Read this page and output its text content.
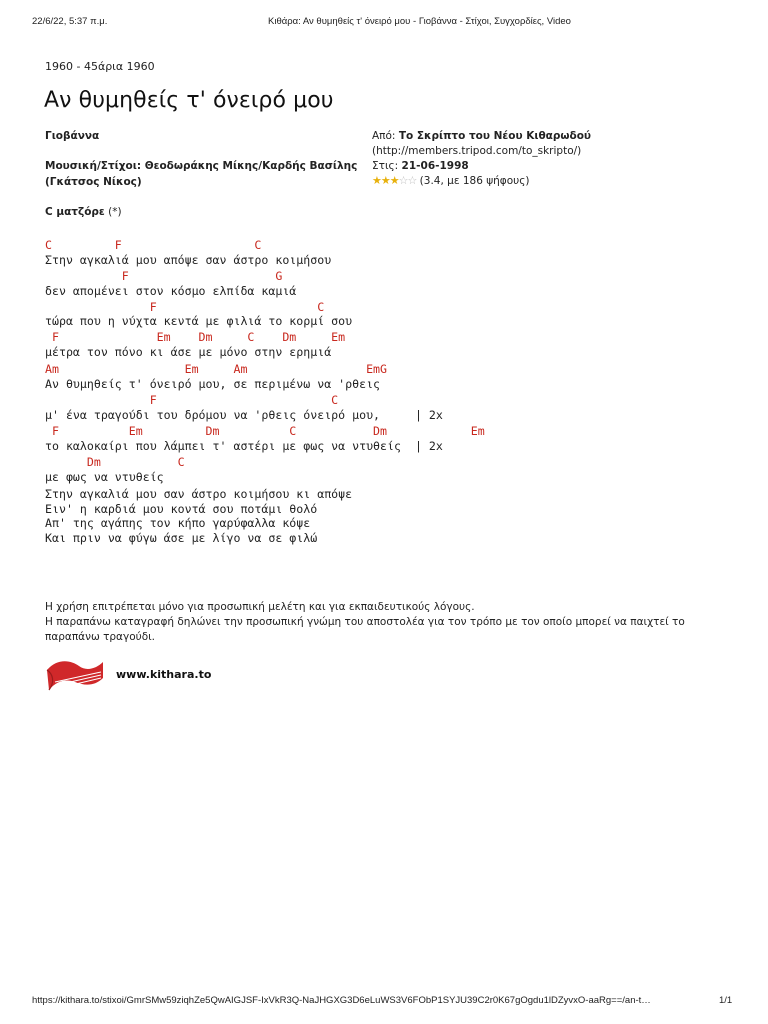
22/6/22, 5:37 π.μ.	Κιθάρα: Αν θυμηθείς τ' όνειρό μου - Γιοβάννα - Στίχοι, Συγχορδίες, Video
1960 - 45άρια 1960
Αν θυμηθείς τ' όνειρό μου
Γιοβάννα
Μουσική/Στίχοι: Θεοδωράκης Μίκης/Καρδής Βασίλης
(Γκάτσος Νίκος)
C ματζόρε (*)
Από: Το Σκρίπτο του Νέου Κιθαρωδού
(http://members.tripod.com/to_skripto/)
Στις: 21-06-1998
★★★☆☆ (3.4, με 186 ψήφους)
C         F                   C
Στην αγκαλιά μου απόψε σαν άστρο κοιμήσου
F                     G
δεν απομένει στον κόσμο ελπίδα καμιά
F                       C
τώρα που η νύχτα κεντά με φιλιά το κορμί σου
F              Em    Dm     C    Dm     Em
μέτρα τον πόνο κι άσε με μόνο στην ερημιά
Am                  Em     Am                 EmG
Αν θυμηθείς τ' όνειρό μου, σε περιμένω να 'ρθεις
F                         C
μ' ένα τραγούδι του δρόμου να 'ρθεις όνειρό μου,     | 2x
F          Em         Dm          C           Dm            Em
το καλοκαίρι που λάμπει τ' αστέρι με φως να ντυθείς  | 2x
Dm           C
με φως να ντυθείς
Στην αγκαλιά μου σαν άστρο κοιμήσου κι απόψε
Ειν' η καρδιά μου κοντά σου ποτάμι θολό
Απ' της αγάπης τον κήπο γαρύφαλλα κόψε
Και πριν να φύγω άσε με λίγο να σε φιλώ
Η χρήση επιτρέπεται μόνο για προσωπική μελέτη και για εκπαιδευτικούς λόγους.
Η παραπάνω καταγραφή δηλώνει την προσωπική γνώμη του αποστολέα για τον τρόπο με τον οποίο μπορεί να παιχτεί το
παραπάνω τραγούδι.
www.kithara.to
https://kithara.to/stixoi/GmrSMw59ziqhZe5QwAIGJSF-IxVkR3Q-NaJHGXG3D6eLuWS3V6FObP1SYJU39C2r0K67gOgdu1lDZyvxO-aaRg==/an-t…	1/1
